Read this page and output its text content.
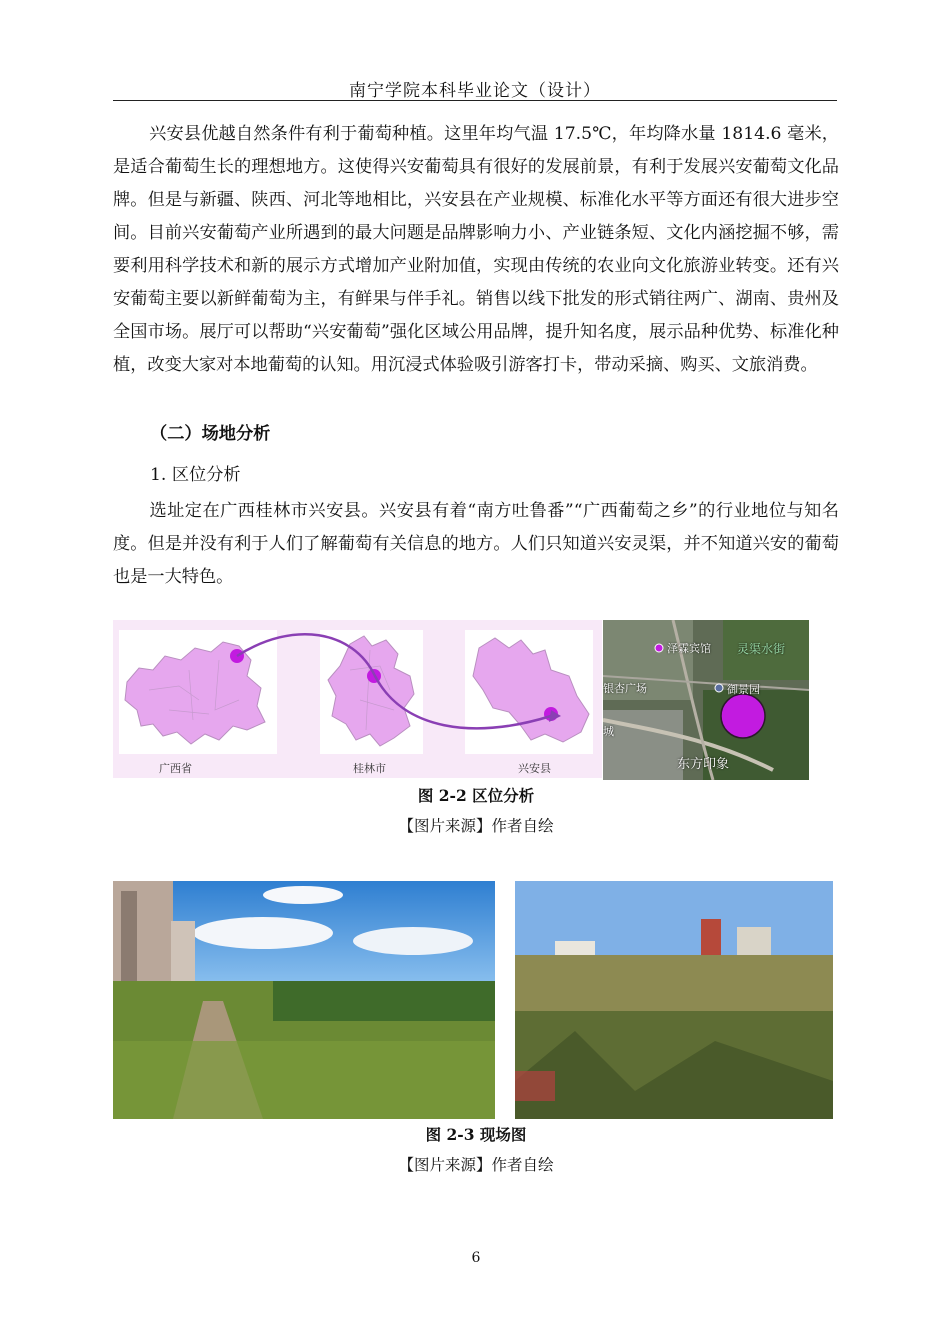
南宁学院本科毕业论文（设计）
兴安县优越自然条件有利于葡萄种植。这里年均气温 17.5℃，年均降水量 1814.6 毫米，是适合葡萄生长的理想地方。这使得兴安葡萄具有很好的发展前景，有利于发展兴安葡萄文化品牌。但是与新疆、陕西、河北等地相比，兴安县在产业规模、标准化水平等方面还有很大进步空间。目前兴安葡萄产业所遇到的最大问题是品牌影响力小、产业链条短、文化内涵挖掘不够，需要利用科学技术和新的展示方式增加产业附加值，实现由传统的农业向文化旅游业转变。还有兴安葡萄主要以新鲜葡萄为主，有鲜果与伴手礼。销售以线下批发的形式销往两广、湖南、贵州及全国市场。展厅可以帮助“兴安葡萄”强化区域公用品牌，提升知名度，展示品种优势、标准化种植，改变大家对本地葡萄的认知。用沉浸式体验吸引游客打卡，带动采摘、购买、文旅消费。
（二）场地分析
1. 区位分析
选址定在广西桂林市兴安县。兴安县有着“南方吐鲁番”“广西葡萄之乡”的行业地位与知名度。但是并没有利于人们了解葡萄有关信息的地方。人们只知道兴安灵渠，并不知道兴安的葡萄也是一大特色。
广西省	桂林市	兴安县
泽霖宾馆 灵渠水街
银杏广场	御景园
城
东方印象
图 2-2 区位分析
【图片来源】作者自绘
图 2-3 现场图
【图片来源】作者自绘
6
